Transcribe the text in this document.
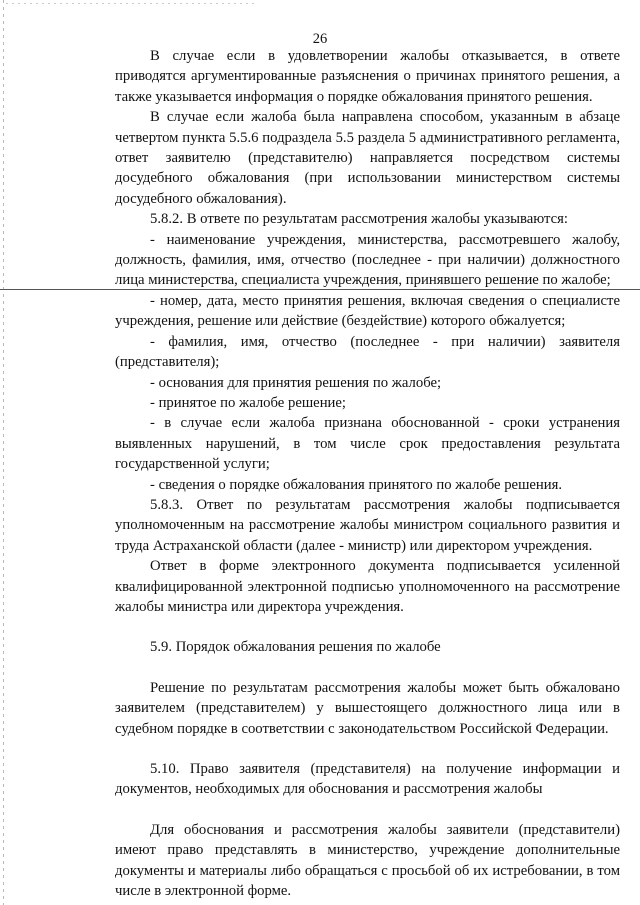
26

В случае если в удовлетворении жалобы отказывается, в ответе приводятся аргументированные разъяснения о причинах принятого решения, а также указывается информация о порядке обжалования принятого решения.

В случае если жалоба была направлена способом, указанным в абзаце четвертом пункта 5.5.6 подраздела 5.5 раздела 5 административного регламента, ответ заявителю (представителю) направляется посредством системы досудебного обжалования (при использовании министерством системы досудебного обжалования).

5.8.2. В ответе по результатам рассмотрения жалобы указываются:

- наименование учреждения, министерства, рассмотревшего жалобу, должность, фамилия, имя, отчество (последнее - при наличии) должностного лица министерства, специалиста учреждения, принявшего решение по жалобе;

- номер, дата, место принятия решения, включая сведения о специалисте учреждения, решение или действие (бездействие) которого обжалуется;

- фамилия, имя, отчество (последнее - при наличии) заявителя (представителя);

- основания для принятия решения по жалобе;

- принятое по жалобе решение;

- в случае если жалоба признана обоснованной - сроки устранения выявленных нарушений, в том числе срок предоставления результата государственной услуги;

- сведения о порядке обжалования принятого по жалобе решения.

5.8.3. Ответ по результатам рассмотрения жалобы подписывается уполномоченным на рассмотрение жалобы министром социального развития и труда Астраханской области (далее - министр) или директором учреждения.

Ответ в форме электронного документа подписывается усиленной квалифицированной электронной подписью уполномоченного на рассмотрение жалобы министра или директора учреждения.

5.9. Порядок обжалования решения по жалобе

Решение по результатам рассмотрения жалобы может быть обжаловано заявителем (представителем) у вышестоящего должностного лица или в судебном порядке в соответствии с законодательством Российской Федерации.

5.10. Право заявителя (представителя) на получение информации и документов, необходимых для обоснования и рассмотрения жалобы

Для обоснования и рассмотрения жалобы заявители (представители) имеют право представлять в министерство, учреждение дополнительные документы и материалы либо обращаться с просьбой об их истребовании, в том числе в электронной форме.
